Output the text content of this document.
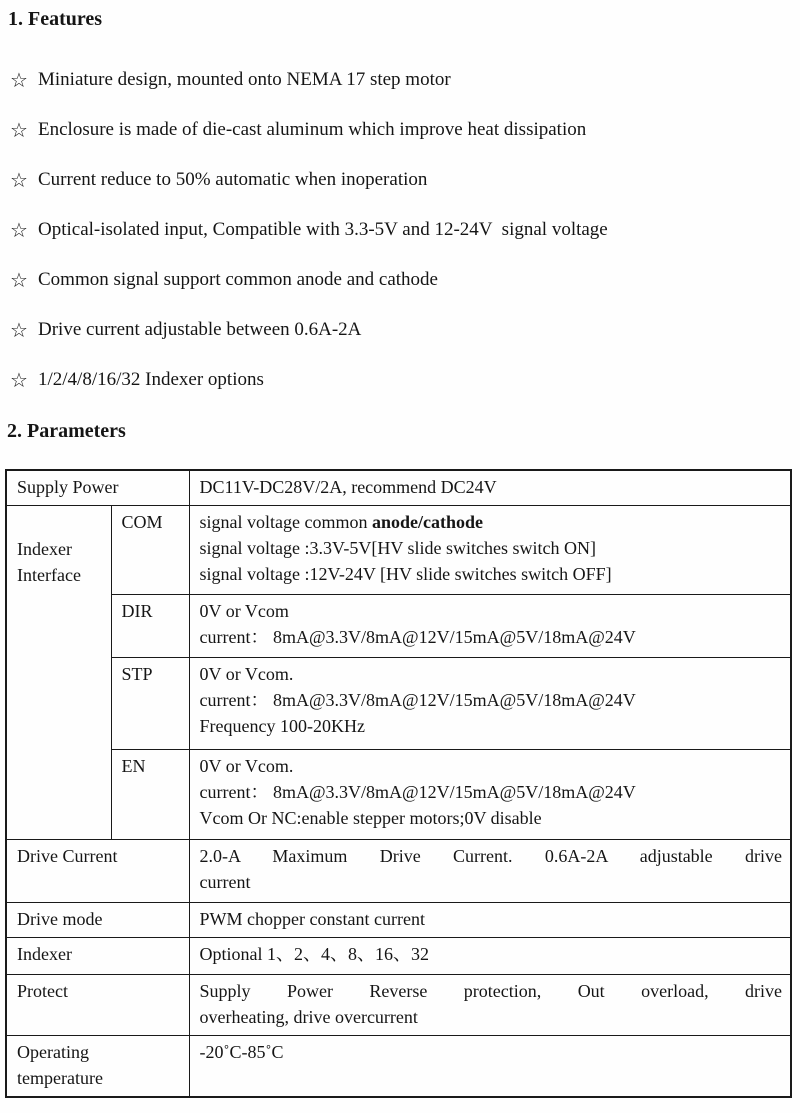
1. Features
☆ Miniature design, mounted onto NEMA 17 step motor
☆ Enclosure is made of die-cast aluminum which improve heat dissipation
☆ Current reduce to 50% automatic when inoperation
☆ Optical-isolated input, Compatible with 3.3-5V and 12-24V  signal voltage
☆ Common signal support common anode and cathode
☆ Drive current adjustable between 0.6A-2A
☆ 1/2/4/8/16/32 Indexer options
2. Parameters
Supply Power		DC11V-DC28V/2A, recommend DC24V

Indexer Interface	COM	signal voltage common anode/cathode
signal voltage :3.3V-5V[HV slide switches switch ON]
signal voltage :12V-24V [HV slide switches switch OFF]

	DIR	0V or Vcom
current： 8mA@3.3V/8mA@12V/15mA@5V/18mA@24V

	STP	0V or Vcom.
current： 8mA@3.3V/8mA@12V/15mA@5V/18mA@24V
Frequency 100-20KHz

	EN	0V or Vcom.
current： 8mA@3.3V/8mA@12V/15mA@5V/18mA@24V
Vcom Or NC:enable stepper motors;0V disable

Drive Current		2.0-A Maximum Drive Current. 0.6A-2A adjustable drive
current

Drive mode		PWM chopper constant current
Indexer		Optional 1、2、4、8、16、32
Protect		Supply Power Reverse protection, Out overload, drive
overheating, drive overcurrent

Operating temperature		-20˚C-85˚C
